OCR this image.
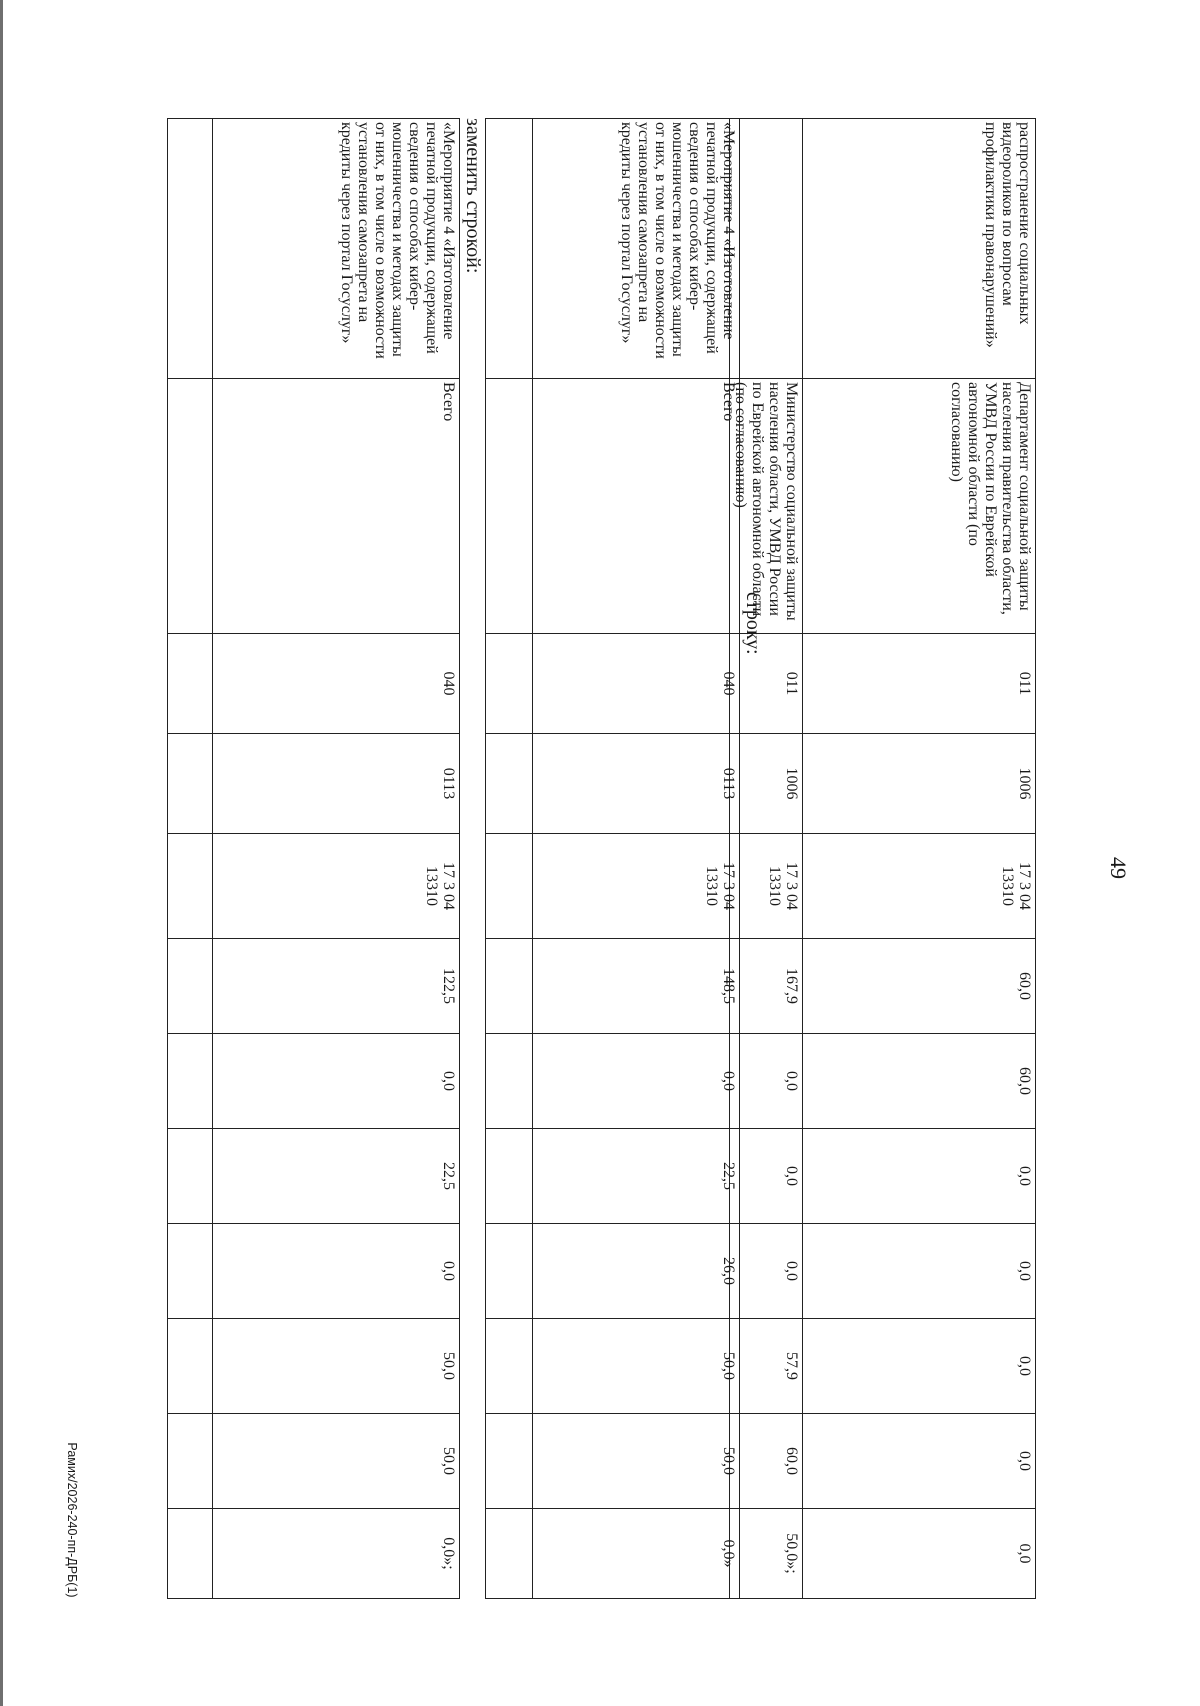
49
Рамих/2026-240-пп-ДРБ(1)
распространение социальных видеороликов по вопросам профилактики правонарушений»	Департамент социальной защиты населения правительства области, УМВД России по Еврейской автономной области (по согласованию)	011	1006	17 3 04
13310	60,0	60,0	0,0	0,0	0,0	0,0	0,0
	Министерство социальной защиты населения области, УМВД России по Еврейской автономной области (по согласованию)	011	1006	17 3 04
13310	167,9	0,0	0,0	0,0	57,9	60,0	50,0»;
строку:
«Мероприятие 4 «Изготовление печатной продукции, содержащей сведения о способах кибер-мошенничества и методах защиты от них, в том числе о возможности установления самозапрета на кредиты через портал Госуслуг»	Всего	040	0113	17 3 04
13310	148,5	0,0	22,5	26,0	50,0	50,0	0,0»

заменить строкой:
«Мероприятие 4 «Изготовление печатной продукции, содержащей сведения о способах кибер-мошенничества и методах защиты от них, в том числе о возможности установления самозапрета на кредиты через портал Госуслуг»	Всего	040	0113	17 3 04
13310	122,5	0,0	22,5	0,0	50,0	50,0	0,0»;
